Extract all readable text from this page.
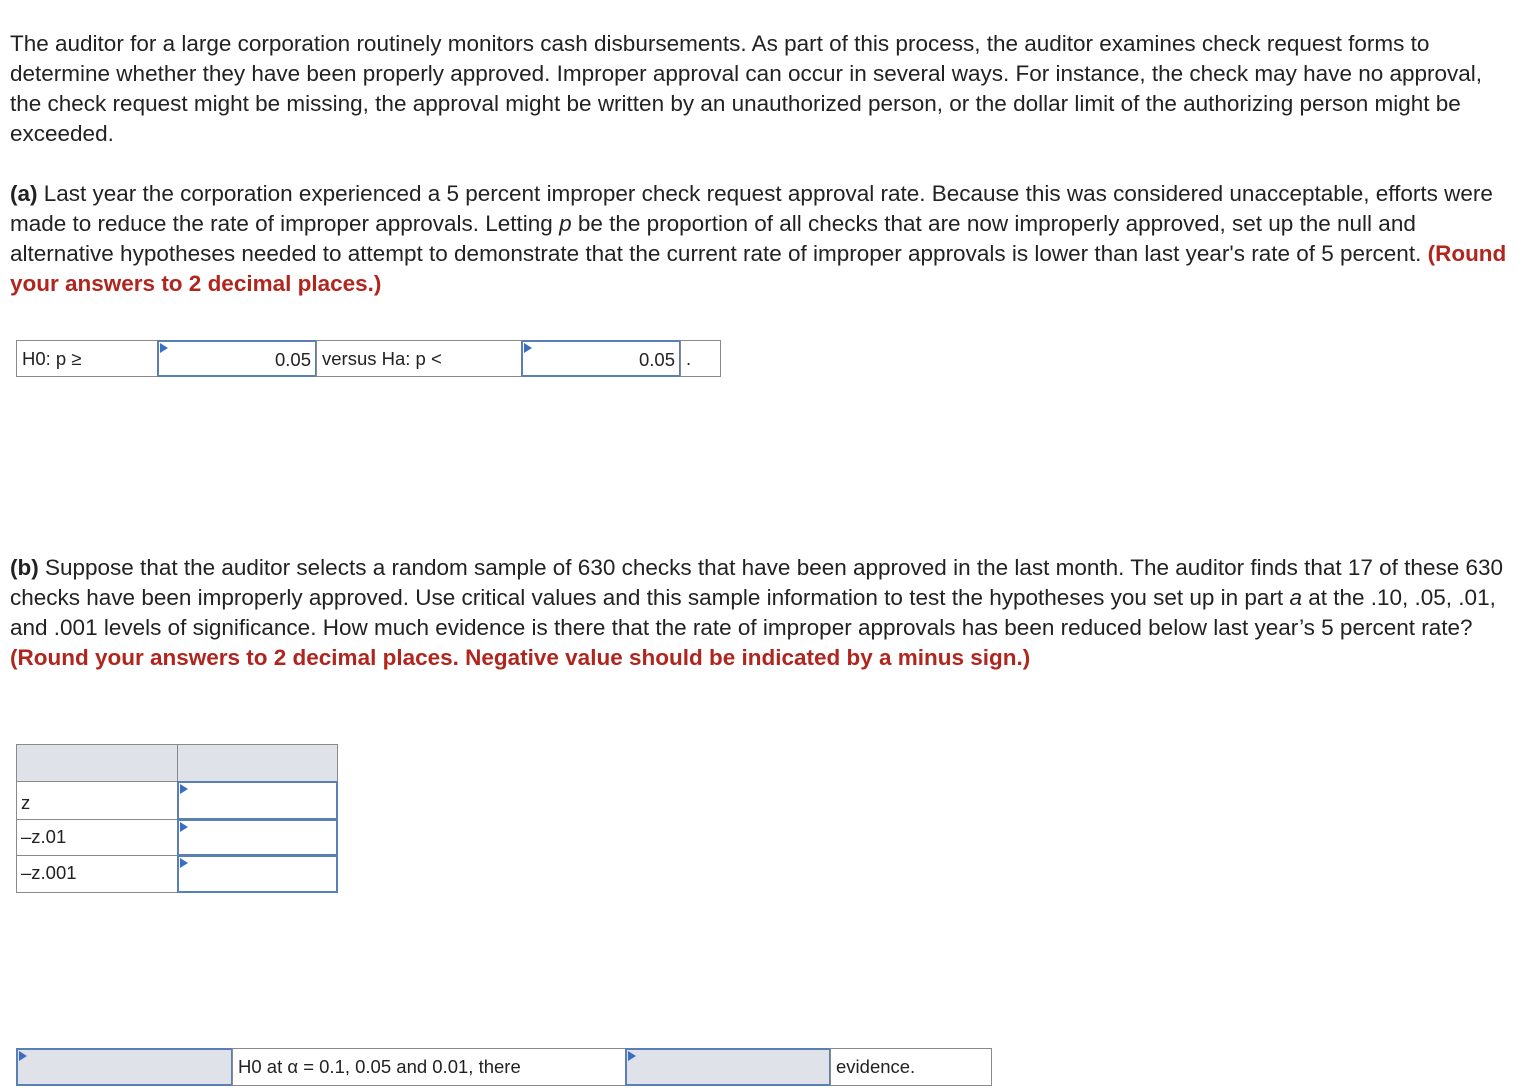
The auditor for a large corporation routinely monitors cash disbursements. As part of this process, the auditor examines check request forms to determine whether they have been properly approved. Improper approval can occur in several ways. For instance, the check may have no approval, the check request might be missing, the approval might be written by an unauthorized person, or the dollar limit of the authorizing person might be exceeded.

(a) Last year the corporation experienced a 5 percent improper check request approval rate. Because this was considered unacceptable, efforts were made to reduce the rate of improper approvals. Letting p be the proportion of all checks that are now improperly approved, set up the null and alternative hypotheses needed to attempt to demonstrate that the current rate of improper approvals is lower than last year's rate of 5 percent. (Round your answers to 2 decimal places.)

H0: p ≥	0.05 versus Ha: p <	0.05 .

(b) Suppose that the auditor selects a random sample of 630 checks that have been approved in the last month. The auditor finds that 17 of these 630 checks have been improperly approved. Use critical values and this sample information to test the hypotheses you set up in part a at the .10, .05, .01, and .001 levels of significance. How much evidence is there that the rate of improper approvals has been reduced below last year’s 5 percent rate? (Round your answers to 2 decimal places. Negative value should be indicated by a minus sign.)

z
–z.01
–z.001
H0 at α = 0.1, 0.05 and 0.01, there	evidence.
